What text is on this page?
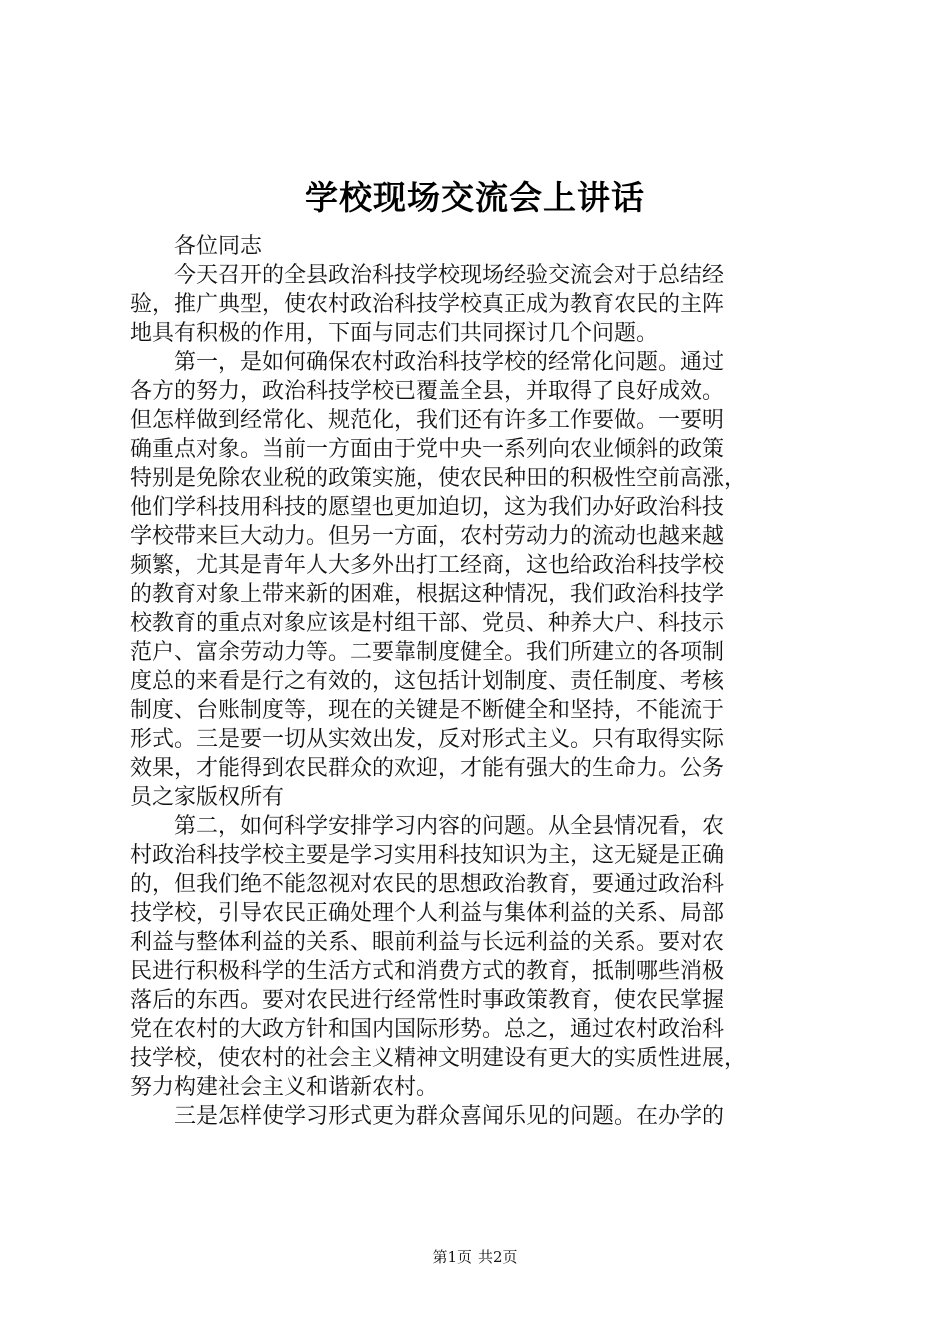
学校现场交流会上讲话

各位同志

今天召开的全县政治科技学校现场经验交流会对于总结经
验，推广典型，使农村政治科技学校真正成为教育农民的主阵
地具有积极的作用，下面与同志们共同探讨几个问题。

第一，是如何确保农村政治科技学校的经常化问题。通过
各方的努力，政治科技学校已覆盖全县，并取得了良好成效。
但怎样做到经常化、规范化，我们还有许多工作要做。一要明
确重点对象。当前一方面由于党中央一系列向农业倾斜的政策
特别是免除农业税的政策实施，使农民种田的积极性空前高涨，
他们学科技用科技的愿望也更加迫切，这为我们办好政治科技
学校带来巨大动力。但另一方面，农村劳动力的流动也越来越
频繁，尤其是青年人大多外出打工经商，这也给政治科技学校
的教育对象上带来新的困难，根据这种情况，我们政治科技学
校教育的重点对象应该是村组干部、党员、种养大户、科技示
范户、富余劳动力等。二要靠制度健全。我们所建立的各项制
度总的来看是行之有效的，这包括计划制度、责任制度、考核
制度、台账制度等，现在的关键是不断健全和坚持，不能流于
形式。三是要一切从实效出发，反对形式主义。只有取得实际
效果，才能得到农民群众的欢迎，才能有强大的生命力。公务
员之家版权所有

第二，如何科学安排学习内容的问题。从全县情况看，农
村政治科技学校主要是学习实用科技知识为主，这无疑是正确
的，但我们绝不能忽视对农民的思想政治教育，要通过政治科
技学校，引导农民正确处理个人利益与集体利益的关系、局部
利益与整体利益的关系、眼前利益与长远利益的关系。要对农
民进行积极科学的生活方式和消费方式的教育，抵制哪些消极
落后的东西。要对农民进行经常性时事政策教育，使农民掌握
党在农村的大政方针和国内国际形势。总之，通过农村政治科
技学校，使农村的社会主义精神文明建设有更大的实质性进展，
努力构建社会主义和谐新农村。

三是怎样使学习形式更为群众喜闻乐见的问题。在办学的

第1页 共2页
